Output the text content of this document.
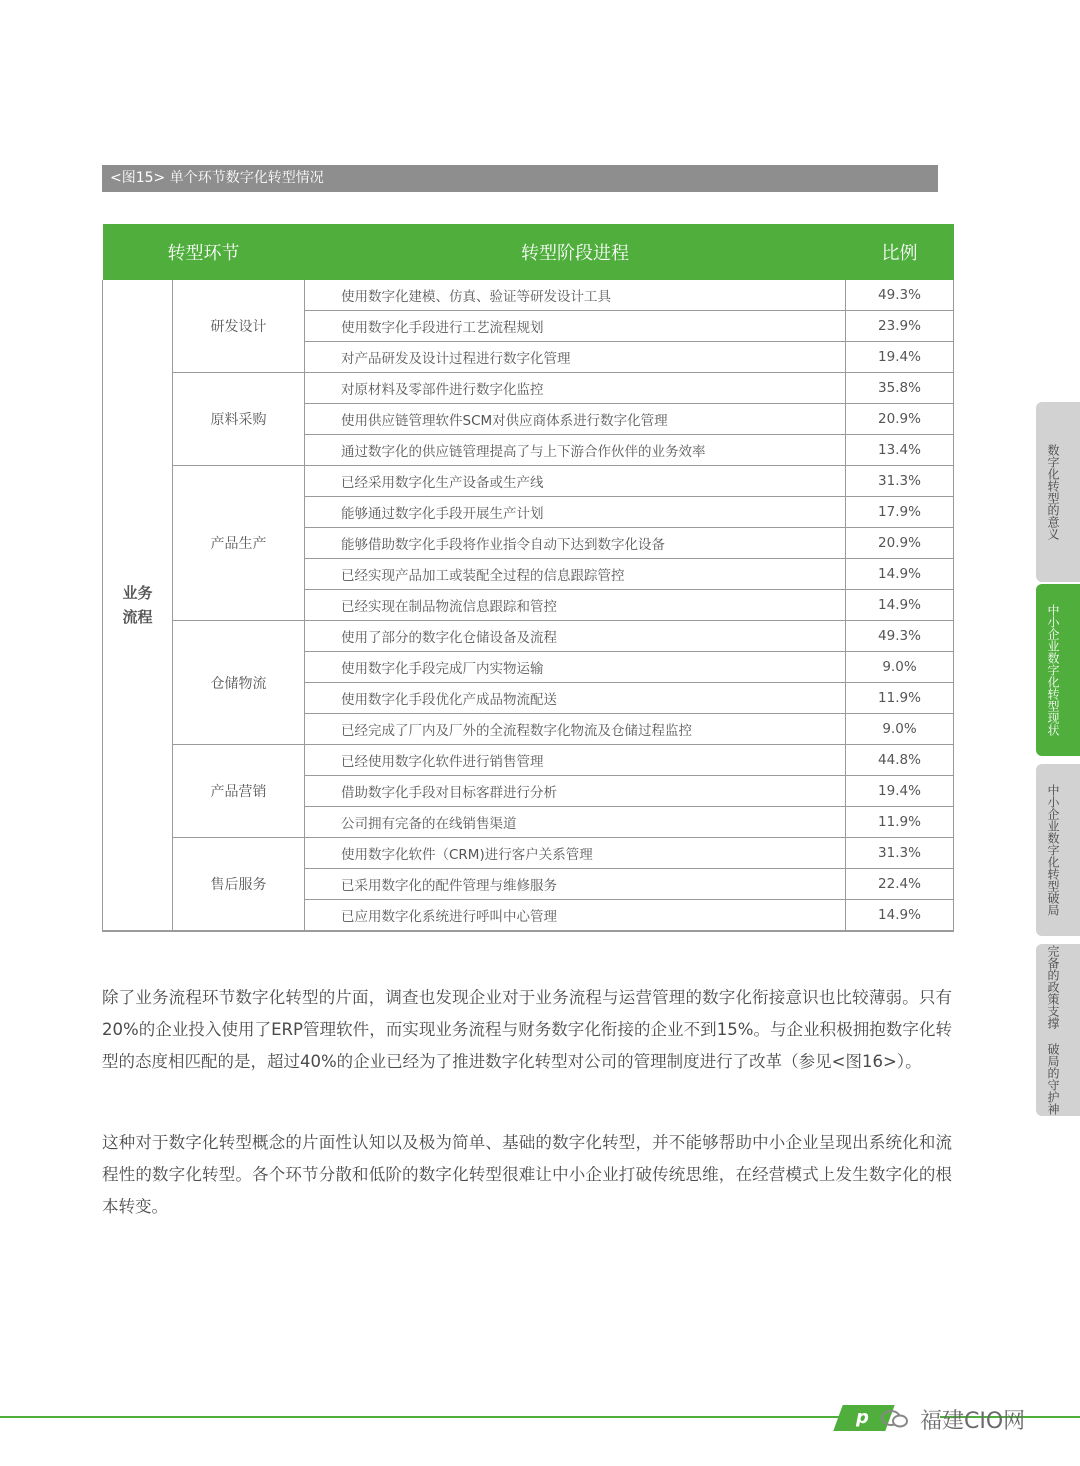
<图15> 单个环节数字化转型情况
转型环节		转型阶段进程	比例
业务流程	研发设计	使用数字化建模、仿真、验证等研发设计工具	49.3%
		使用数字化手段进行工艺流程规划	23.9%
		对产品研发及设计过程进行数字化管理	19.4%
	原料采购	对原材料及零部件进行数字化监控	35.8%
		使用供应链管理软件SCM对供应商体系进行数字化管理	20.9%
		通过数字化的供应链管理提高了与上下游合作伙伴的业务效率	13.4%
	产品生产	已经采用数字化生产设备或生产线	31.3%
		能够通过数字化手段开展生产计划	17.9%
		能够借助数字化手段将作业指令自动下达到数字化设备	20.9%
		已经实现产品加工或装配全过程的信息跟踪管控	14.9%
		已经实现在制品物流信息跟踪和管控	14.9%
	仓储物流	使用了部分的数字化仓储设备及流程	49.3%
		使用数字化手段完成厂内实物运输	9.0%
		使用数字化手段优化产成品物流配送	11.9%
		已经完成了厂内及厂外的全流程数字化物流及仓储过程监控	9.0%
	产品营销	已经使用数字化软件进行销售管理	44.8%
		借助数字化手段对目标客群进行分析	19.4%
		公司拥有完备的在线销售渠道	11.9%
	售后服务	使用数字化软件（CRM)进行客户关系管理	31.3%
		已采用数字化的配件管理与维修服务	22.4%
		已应用数字化系统进行呼叫中心管理	14.9%

除了业务流程环节数字化转型的片面，调查也发现企业对于业务流程与运营管理的数字化衔接意识也比较薄弱。只有20%的企业投入使用了ERP管理软件，而实现业务流程与财务数字化衔接的企业不到15%。与企业积极拥抱数字化转型的态度相匹配的是，超过40%的企业已经为了推进数字化转型对公司的管理制度进行了改革（参见<图16>）。

这种对于数字化转型概念的片面性认知以及极为简单、基础的数字化转型，并不能够帮助中小企业呈现出系统化和流程性的数字化转型。各个环节分散和低阶的数字化转型很难让中小企业打破传统思维，在经营模式上发生数字化的根本转变。

数字化转型的意义
中小企业数字化转型现状
中小企业数字化转型破局
完备的政策支撑 破局的守护神
p 福建CIO网
